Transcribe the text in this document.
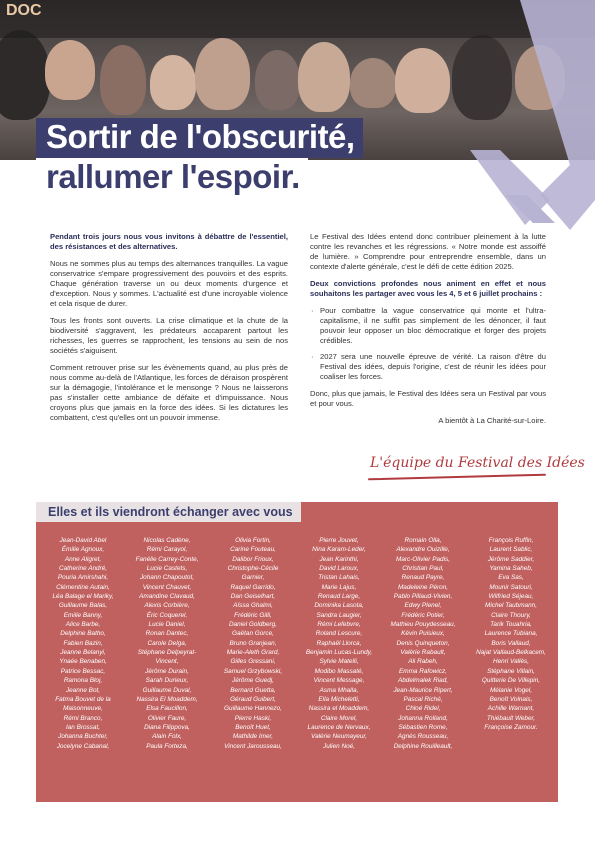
DOC
Sortir de l'obscurité,
rallumer l'espoir.

Pendant trois jours nous vous invitons à débattre de l'essentiel, des résistances et des alternatives.

Nous ne sommes plus au temps des alternances tranquilles. La vague conservatrice s'empare progressivement des pouvoirs et des esprits. Chaque génération traverse un ou deux moments d'urgence et d'exception. Nous y sommes. L'actualité est d'une incroyable violence et cela risque de durer.

Tous les fronts sont ouverts. La crise climatique et la chute de la biodiversité s'aggravent, les prédateurs accaparent partout les richesses, les guerres se rapprochent, les tensions au sein de nos sociétés s'aiguisent.

Comment retrouver prise sur les évènements quand, au plus près de nous comme au-delà de l'Atlantique, les forces de déraison prospèrent sur la démagogie, l'intolérance et le mensonge ? Nous ne laisserons pas s'installer cette ambiance de défaite et d'impuissance. Nous croyons plus que jamais en la force des idées. Si les dictatures les combattent, c'est qu'elles ont un pouvoir immense.

Le Festival des Idées entend donc contribuer pleinement à la lutte contre les revanches et les régressions. « Notre monde est assoiffé de lumière. » Comprendre pour entreprendre ensemble, dans un contexte d'alerte générale, c'est le défi de cette édition 2025.

Deux convictions profondes nous animent en effet et nous souhaitons les partager avec vous les 4, 5 et 6 juillet prochains :

· Pour combattre la vague conservatrice qui monte et l'ultra-capitalisme, il ne suffit pas simplement de les dénoncer, il faut pouvoir leur opposer un bloc démocratique et forger des projets crédibles.
· 2027 sera une nouvelle épreuve de vérité. La raison d'être du Festival des idées, depuis l'origine, c'est de réunir les idées pour coaliser les forces.

Donc, plus que jamais, le Festival des Idées sera un Festival par vous et pour vous.

A bientôt à La Charité-sur-Loire.

L'équipe du Festival des Idées
Elles et ils viendront échanger avec vous
Jean-David Abel
Émilie Agnoux,
Anne Aligret,
Catherine André,
Pouria Amirshahi,
Clémentine Autain,
Léa Balage el Mariky,
Guillaume Balas,
Emilie Banny,
Alice Barbe,
Delphine Batho,
Fabien Bazin,
Jeanne Belanyi,
Ynaée Benaben,
Patrice Bessac,
Ramona Bloj,
Jeanne Bot,
Fatma Bouvet de la
Maisonneuve,
Rémi Branco,
Ian Brossat,
Johanna Buchter,
Jocelyne Cabanal,
Nicolas Cadène,
Rémi Carayol,
Fanélie Carrey-Conte,
Lucie Castets,
Johann Chapoutot,
Vincent Chauvet,
Amandine Clavaud,
Alexis Corbière,
Éric Coquerel,
Lucie Daniel,
Ronan Dantec,
Carole Delga,
Stéphane Delpeyrat-
Vincent,
Jérôme Durain,
Sarah Durieux,
Guillaume Duval,
Nassira El Moaddem,
Elsa Faucillon,
Olivier Faure,
Diana Filippova,
Alain Folx,
Paula Forteza,
Olivia Fortin,
Carine Fouteau,
Dalibor Frioux,
Christophe-Cécile
Garnier,
Raquel Garrido,
Dan Geiselhart,
Aïssa Ghalmi,
Frédéric Gilli,
Daniel Goldberg,
Gaëtan Gorce,
Bruno Granjean,
Marie-Aleth Grard,
Gilles Gressani,
Samuel Grzybowski,
Jérôme Guedj,
Bernard Guetta,
Géraud Guibert,
Guillaume Hannezo,
Pierre Haski,
Benoît Huet,
Mathilde Imer,
Vincent Jarousseau,
Pierre Jouvet,
Nina Karam-Leder,
Jean Karinthi,
David Laroux,
Tristan Lahais,
Marie Lajus,
Renaud Large,
Dominika Lasota,
Sandra Laugier,
Rémi Lefebvre,
Roland Lescure,
Raphaël Llorca,
Benjamin Lucas-Lundy,
Sylvie Matelli,
Modibo Massaté,
Vincent Message,
Asma Mhalla,
Ella Micheletti,
Nassira el Moaddem,
Claire Morel,
Laurence de Nervaux,
Valérie Neumayeur,
Julien Noé,
Romain Olla,
Alexandre Ouizille,
Marc-Olivier Padis,
Christian Paul,
Renaud Payre,
Madeleine Péron,
Pablo Pillaud-Vivien,
Edwy Plenel,
Frédéric Potier,
Mathieu Pouydesseau,
Kévin Puisieux,
Denis Quinqueton,
Valérie Rabault,
Ali Rabeh,
Emma Rafowicz,
Abdelmalek Riad,
Jean-Maurice Ripert,
Pascal Riché,
Chloé Ridel,
Johanna Rolland,
Sébastien Rome,
Agnès Rousseau,
Delphine Rouilleault,
François Ruffin,
Laurent Sablic,
Jérôme Saddier,
Yamina Saheb,
Eva Sas,
Mounir Satouri,
Wilfried Séjeau,
Michel Taubmann,
Claire Thoury,
Tarik Touahria,
Laurence Tubiana,
Boris Vallaud,
Najat Vallaud-Belkacem,
Henri Vallès,
Stéphane Villain,
Quitterie De Villepin,
Mélanie Vogel,
Benoît Volnais,
Achille Warnant,
Thiébault Weber,
Françoise Zamour.
